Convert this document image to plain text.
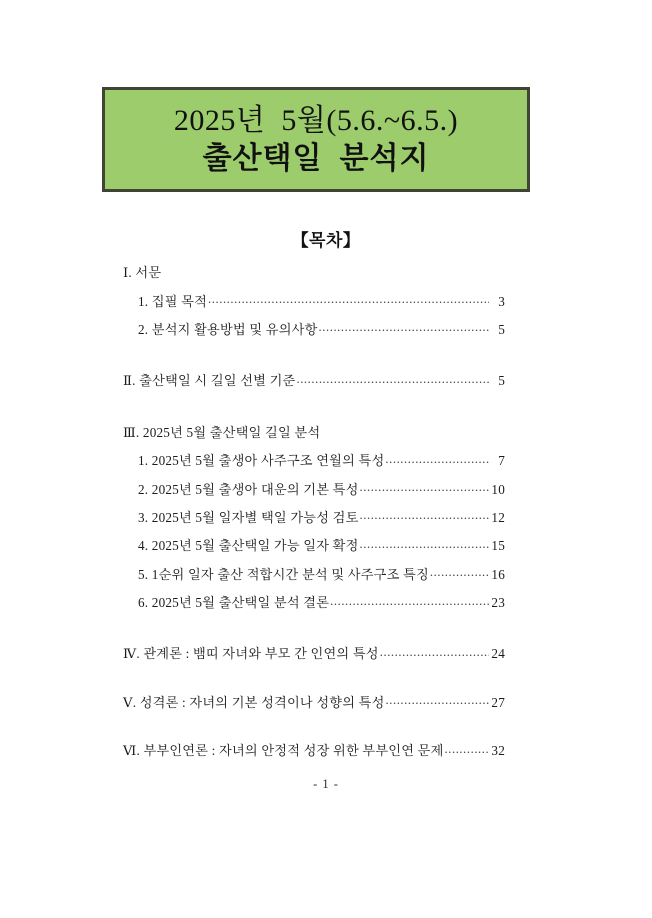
2025년  5월(5.6.~6.5.)
출산택일  분석지
【목차】
Ⅰ. 서문
1. 집필 목적 .....	3
2. 분석지 활용방법 및 유의사항 .....	5
Ⅱ. 출산택일 시 길일 선별 기준 .....	5
Ⅲ. 2025년 5월 출산택일 길일 분석
1. 2025년 5월 출생아 사주구조 연월의 특성 .....	7
2. 2025년 5월 출생아 대운의 기본 특성 .....	10
3. 2025년 5월 일자별 택일 가능성 검토 .....	12
4. 2025년 5월 출산택일 가능 일자 확정 .....	15
5. 1순위 일자 출산 적합시간 분석 및 사주구조 특징 .....	16
6. 2025년 5월 출산택일 분석 결론 .....	23
Ⅳ. 관계론 : 뱀띠 자녀와 부모 간 인연의 특성 .....	24
Ⅴ. 성격론 : 자녀의 기본 성격이나 성향의 특성 .....	27
Ⅵ. 부부인연론 : 자녀의 안정적 성장 위한 부부인연 문제 .....	32
- 1 -
